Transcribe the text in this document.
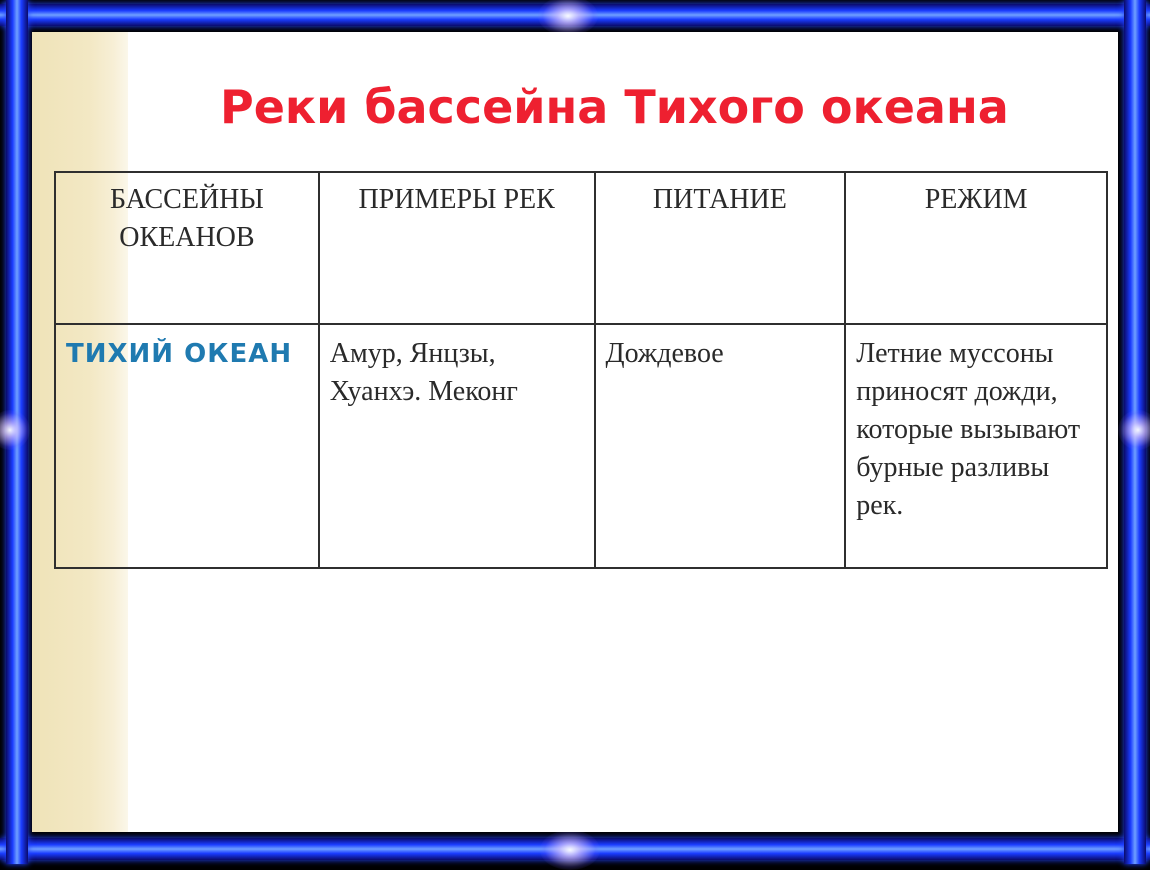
Реки бассейна Тихого океана
БАССЕЙНЫ ОКЕАНОВ	ПРИМЕРЫ РЕК	ПИТАНИЕ	РЕЖИМ
ТИХИЙ ОКЕАН	Амур, Янцзы, Хуанхэ. Меконг	Дождевое	Летние муссоны приносят дожди, которые вызывают бурные разливы рек.
